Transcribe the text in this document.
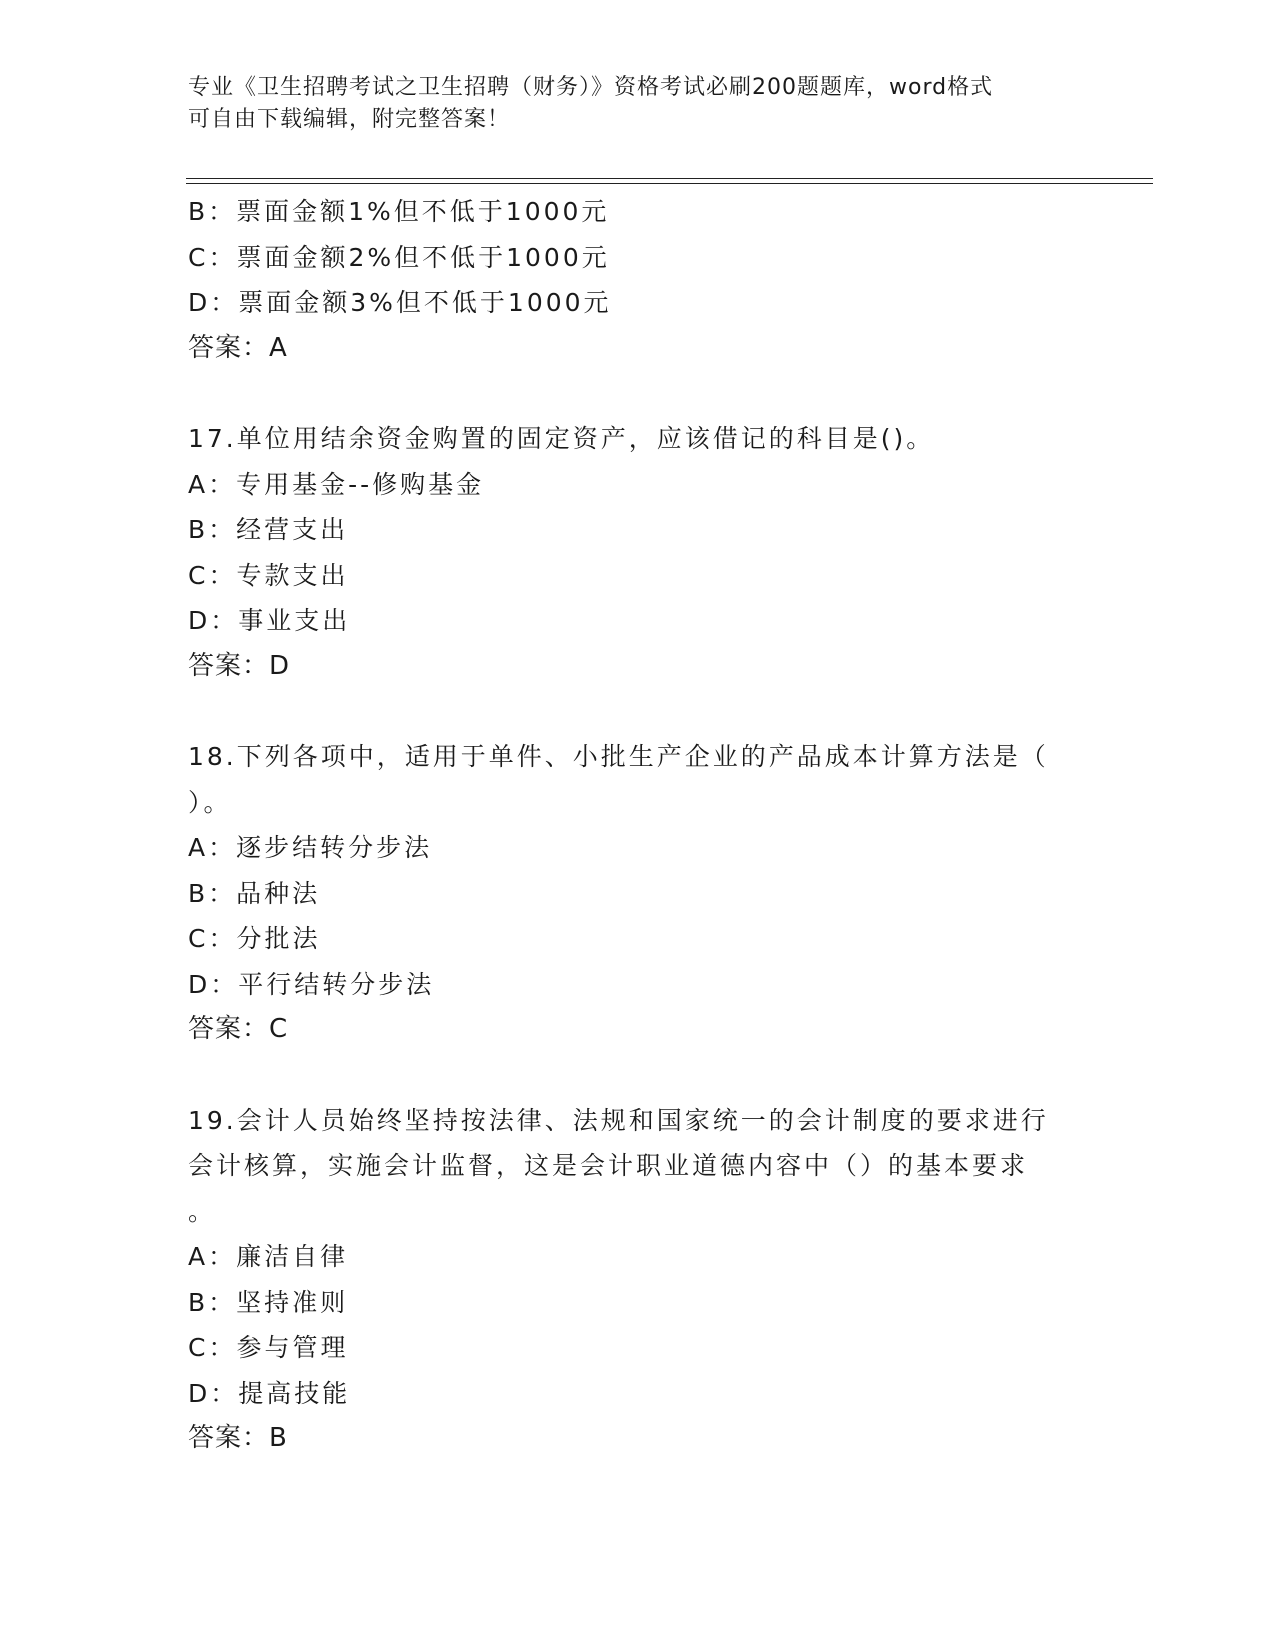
专业《卫生招聘考试之卫生招聘（财务）》资格考试必刷200题题库，word格式
可自由下载编辑，附完整答案！
B：票面金额1%但不低于1000元
C：票面金额2%但不低于1000元
D：票面金额3%但不低于1000元
答案：A
17.单位用结余资金购置的固定资产，应该借记的科目是()。
A：专用基金--修购基金
B：经营支出
C：专款支出
D：事业支出
答案：D
18.下列各项中，适用于单件、小批生产企业的产品成本计算方法是（
）。
A：逐步结转分步法
B：品种法
C：分批法
D：平行结转分步法
答案：C
19.会计人员始终坚持按法律、法规和国家统一的会计制度的要求进行
会计核算，实施会计监督，这是会计职业道德内容中（）的基本要求
。
A：廉洁自律
B：坚持准则
C：参与管理
D：提高技能
答案：B
